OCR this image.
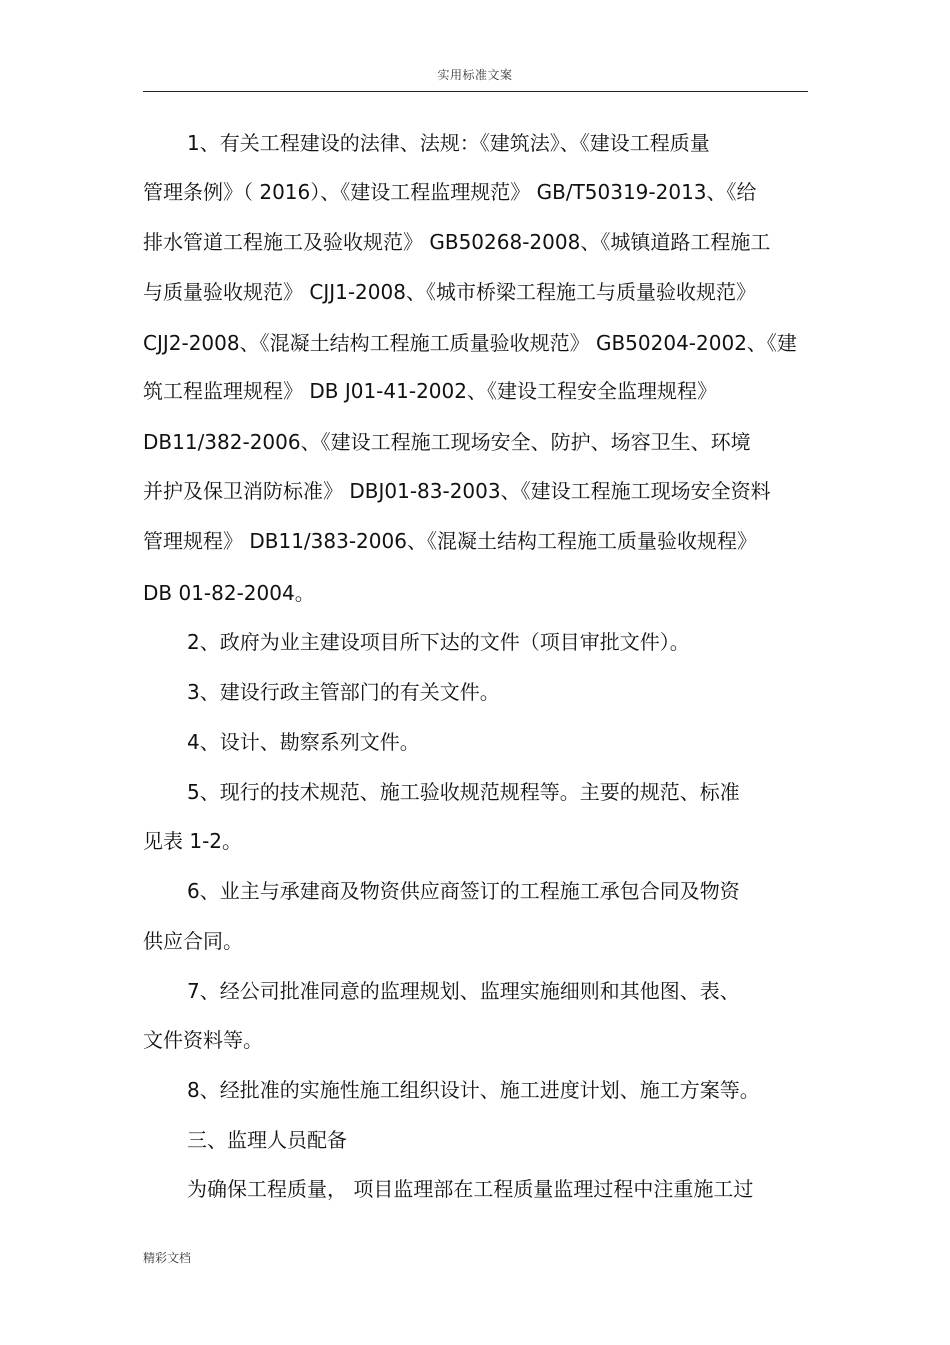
实用标准文案
1、有关工程建设的法律、法规：《建筑法》、《建设工程质量
管理条例》（ 2016）、《建设工程监理规范》 GB/T50319-2013、《给
排水管道工程施工及验收规范》 GB50268-2008、《城镇道路工程施工
与质量验收规范》 CJJ1-2008、《城市桥梁工程施工与质量验收规范》
CJJ2-2008、《混凝土结构工程施工质量验收规范》 GB50204-2002、《建
筑工程监理规程》 DB J01-41-2002、《建设工程安全监理规程》
DB11/382-2006、《建设工程施工现场安全、防护、场容卫生、环境
并护及保卫消防标准》 DBJ01-83-2003、《建设工程施工现场安全资料
管理规程》 DB11/383-2006、《混凝土结构工程施工质量验收规程》
DB 01-82-2004。
2、政府为业主建设项目所下达的文件（项目审批文件）。
3、建设行政主管部门的有关文件。
4、设计、勘察系列文件。
5、现行的技术规范、施工验收规范规程等。主要的规范、标准
见表 1-2。
6、业主与承建商及物资供应商签订的工程施工承包合同及物资
供应合同。
7、经公司批准同意的监理规划、监理实施细则和其他图、表、
文件资料等。
8、经批准的实施性施工组织设计、施工进度计划、施工方案等。
三、监理人员配备
为确保工程质量， 项目监理部在工程质量监理过程中注重施工过
精彩文档
